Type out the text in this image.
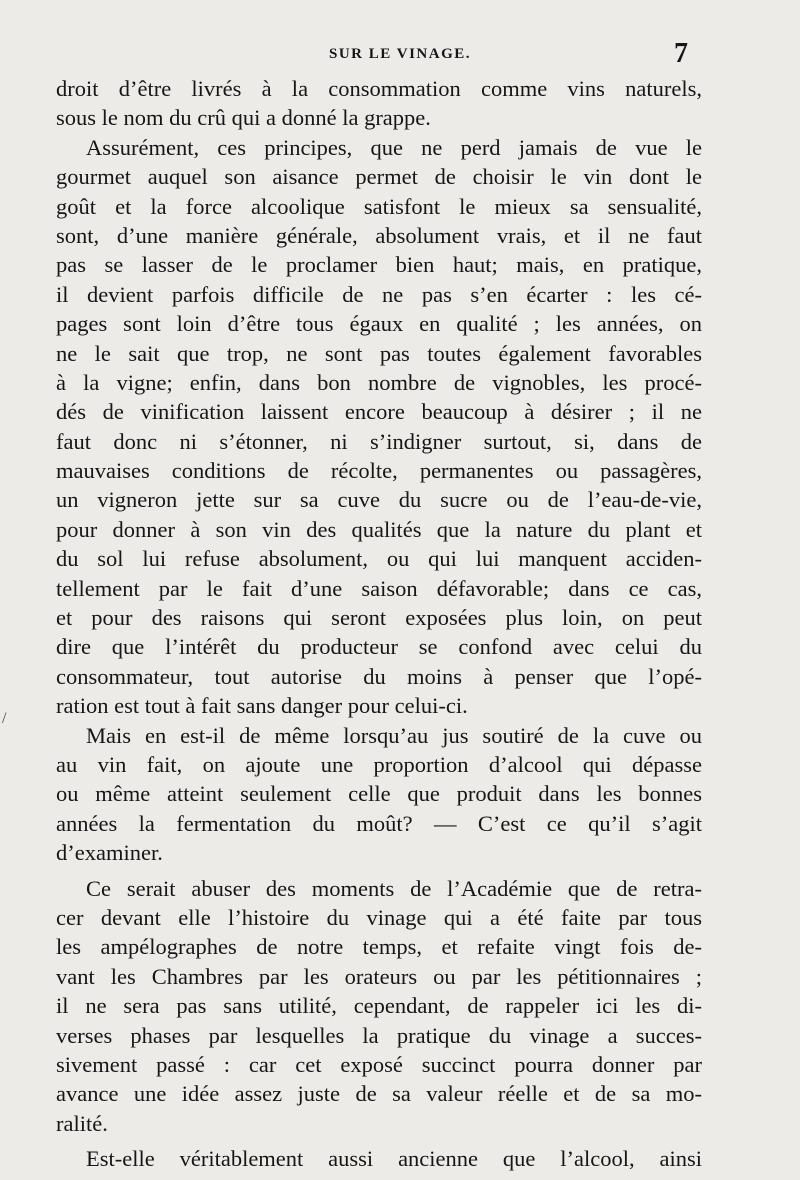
SUR LE VINAGE.	7
/
droit d’être livrés à la consommation comme vins naturels,
sous le nom du crû qui a donné la grappe.
Assurément, ces principes, que ne perd jamais de vue le
gourmet auquel son aisance permet de choisir le vin dont le
goût et la force alcoolique satisfont le mieux sa sensualité,
sont, d’une manière générale, absolument vrais, et il ne faut
pas se lasser de le proclamer bien haut; mais, en pratique,
il devient parfois difficile de ne pas s’en écarter : les cé-
pages sont loin d’être tous égaux en qualité ; les années, on
ne le sait que trop, ne sont pas toutes également favorables
à la vigne; enfin, dans bon nombre de vignobles, les procé-
dés de vinification laissent encore beaucoup à désirer ; il ne
faut donc ni s’étonner, ni s’indigner surtout, si, dans de
mauvaises conditions de récolte, permanentes ou passagères,
un vigneron jette sur sa cuve du sucre ou de l’eau-de-vie,
pour donner à son vin des qualités que la nature du plant et
du sol lui refuse absolument, ou qui lui manquent acciden-
tellement par le fait d’une saison défavorable; dans ce cas,
et pour des raisons qui seront exposées plus loin, on peut
dire que l’intérêt du producteur se confond avec celui du
consommateur, tout autorise du moins à penser que l’opé-
ration est tout à fait sans danger pour celui-ci.
Mais en est-il de même lorsqu’au jus soutiré de la cuve ou
au vin fait, on ajoute une proportion d’alcool qui dépasse
ou même atteint seulement celle que produit dans les bonnes
années la fermentation du moût? — C’est ce qu’il s’agit
d’examiner.
Ce serait abuser des moments de l’Académie que de retra-
cer devant elle l’histoire du vinage qui a été faite par tous
les ampélographes de notre temps, et refaite vingt fois de-
vant les Chambres par les orateurs ou par les pétitionnaires ;
il ne sera pas sans utilité, cependant, de rappeler ici les di-
verses phases par lesquelles la pratique du vinage a succes-
sivement passé : car cet exposé succinct pourra donner par
avance une idée assez juste de sa valeur réelle et de sa mo-
ralité.
Est-elle véritablement aussi ancienne que l’alcool, ainsi
